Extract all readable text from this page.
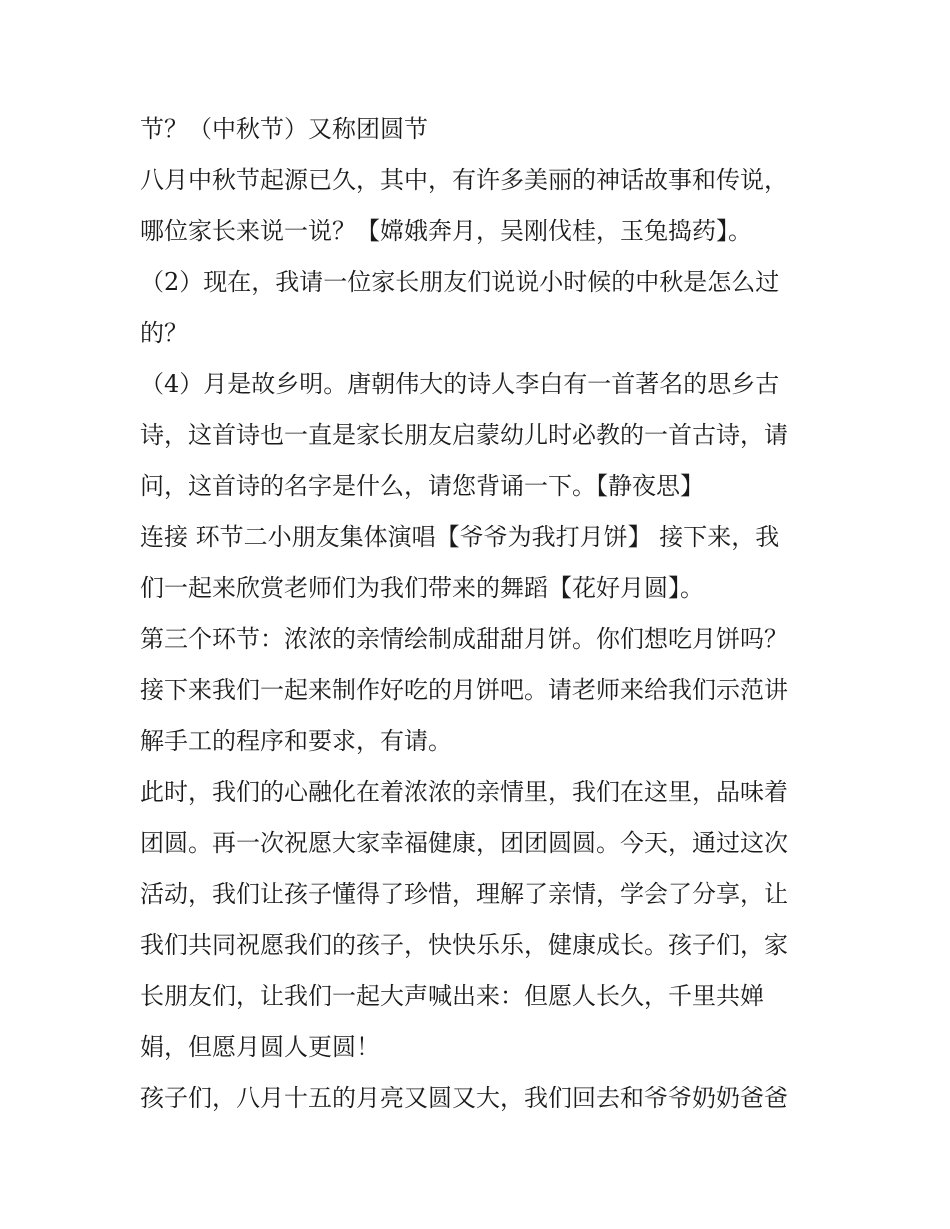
节？（中秋节）又称团圆节
八月中秋节起源已久，其中，有许多美丽的神话故事和传说，
哪位家长来说一说？【嫦娥奔月，吴刚伐桂，玉兔捣药】。
（2）现在，我请一位家长朋友们说说小时候的中秋是怎么过
的？
（4）月是故乡明。唐朝伟大的诗人李白有一首著名的思乡古
诗，这首诗也一直是家长朋友启蒙幼儿时必教的一首古诗，请
问，这首诗的名字是什么，请您背诵一下。【静夜思】
连接 环节二小朋友集体演唱【爷爷为我打月饼】 接下来，我
们一起来欣赏老师们为我们带来的舞蹈【花好月圆】。
第三个环节：浓浓的亲情绘制成甜甜月饼。你们想吃月饼吗？
接下来我们一起来制作好吃的月饼吧。请老师来给我们示范讲
解手工的程序和要求，有请。
此时，我们的心融化在着浓浓的亲情里，我们在这里，品味着
团圆。再一次祝愿大家幸福健康，团团圆圆。今天，通过这次
活动，我们让孩子懂得了珍惜，理解了亲情，学会了分享，让
我们共同祝愿我们的孩子，快快乐乐，健康成长。孩子们，家
长朋友们，让我们一起大声喊出来：但愿人长久，千里共婵
娟，但愿月圆人更圆！
孩子们，八月十五的月亮又圆又大，我们回去和爷爷奶奶爸爸
